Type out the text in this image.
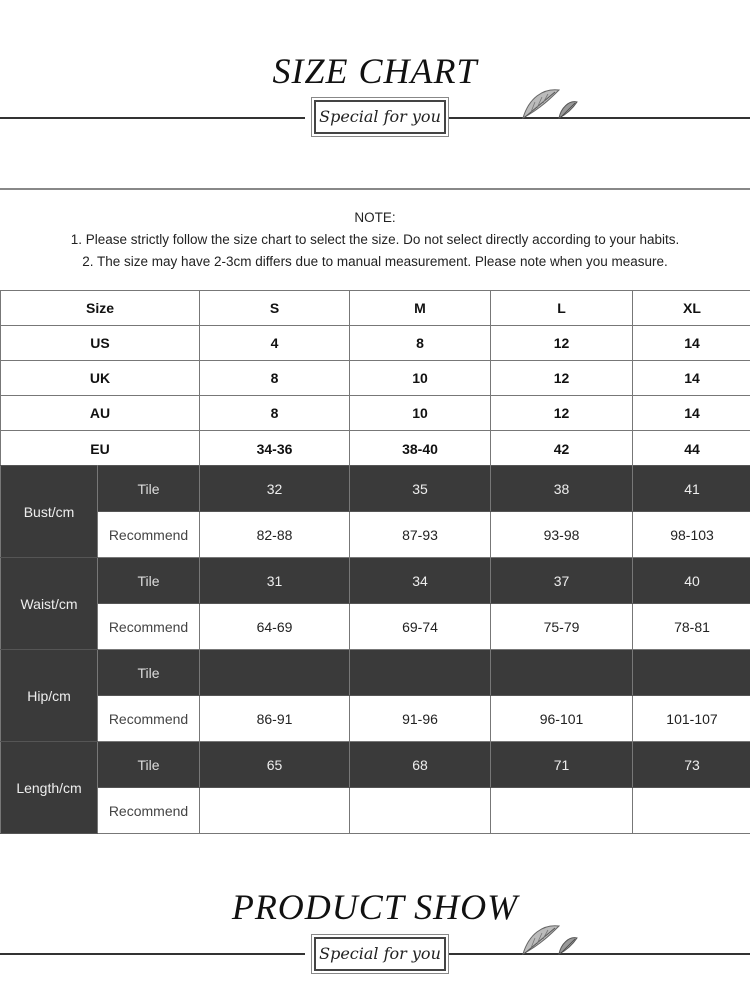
SIZE CHART
Special for you
NOTE:
1. Please strictly follow the size chart to select the size. Do not select directly according to your habits.
2. The size may have 2-3cm differs due to manual measurement. Please note when you measure.
Size	S	M	L	XL
US	4	8	12	14
UK	8	10	12	14
AU	8	10	12	14
EU	34-36	38-40	42	44
Bust/cm	Tile	32	35	38	41
	Recommend	82-88	87-93	93-98	98-103
Waist/cm	Tile	31	34	37	40
	Recommend	64-69	69-74	75-79	78-81
Hip/cm	Tile				
	Recommend	86-91	91-96	96-101	101-107
Length/cm	Tile	65	68	71	73
	Recommend				
PRODUCT SHOW
Special for you
